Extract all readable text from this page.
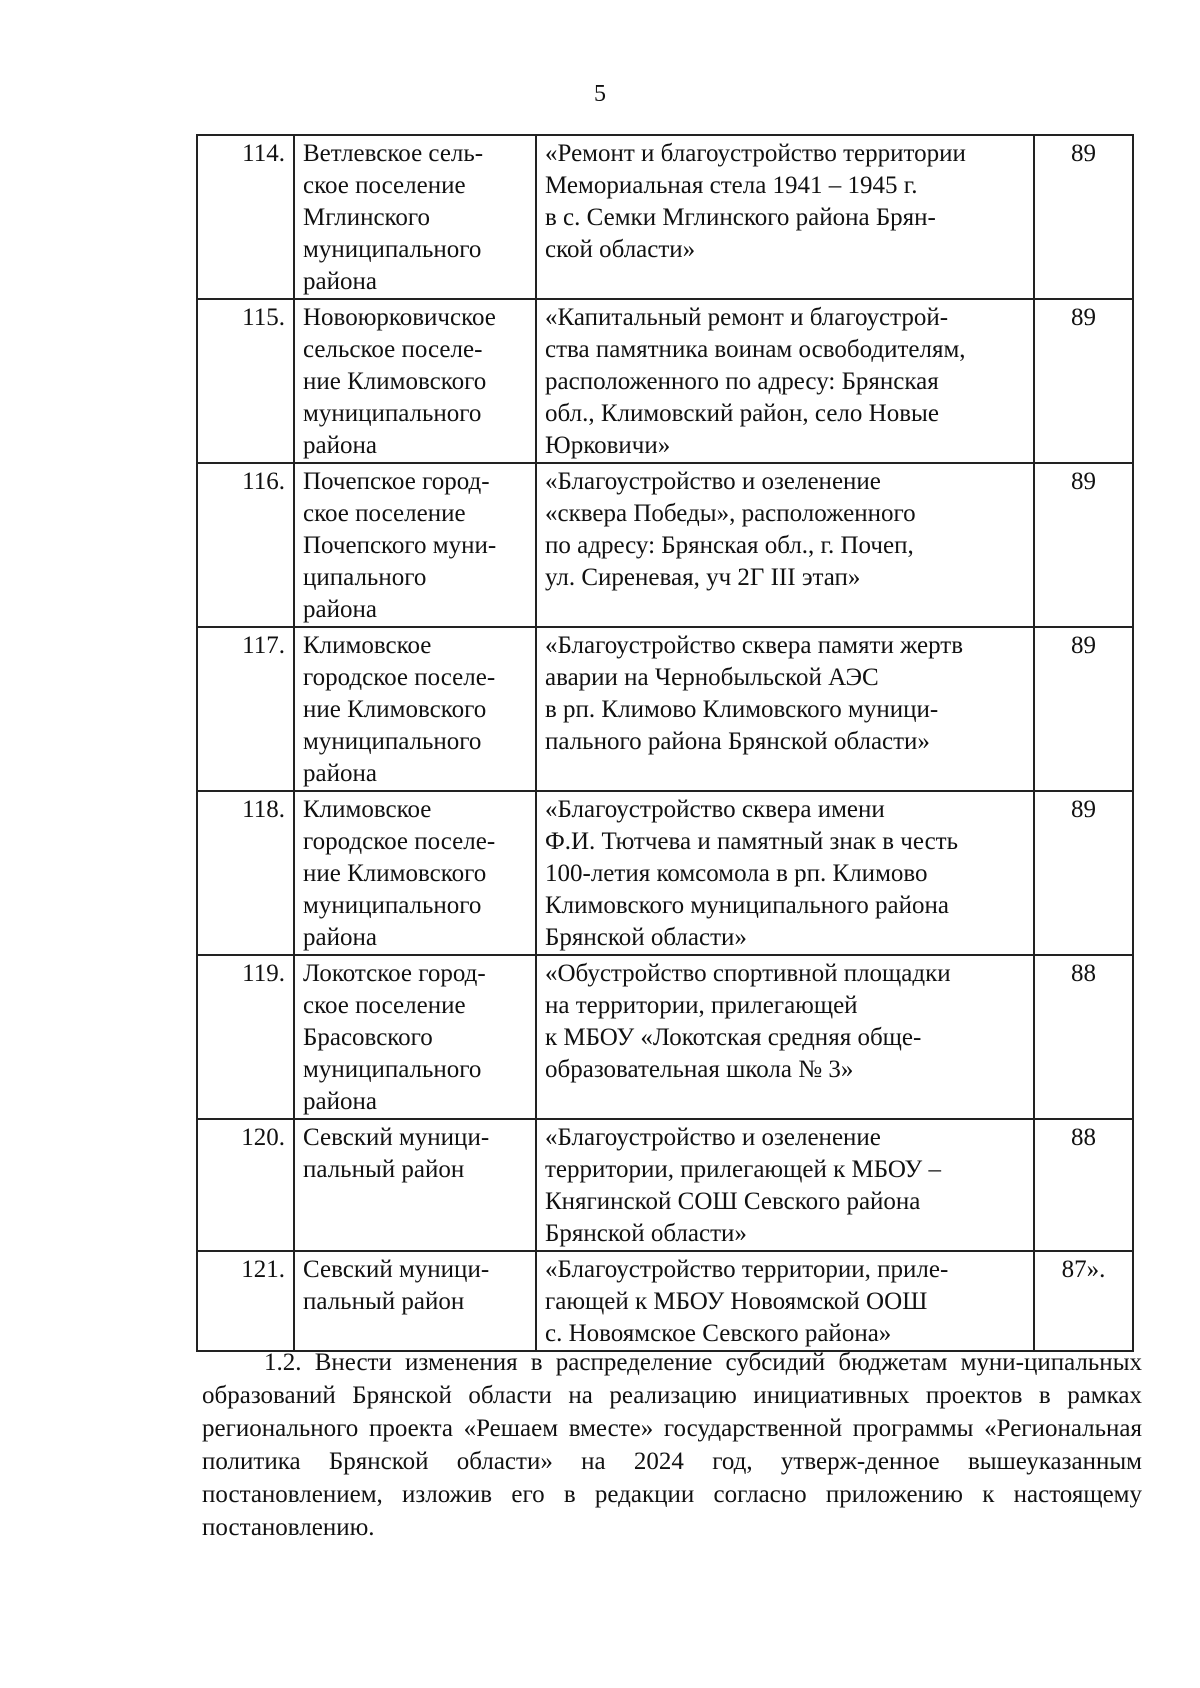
5
114.	Ветлевское сель-
ское поселение
Мглинского
муниципального
района	«Ремонт и благоустройство территории
Мемориальная стела 1941 – 1945 г.
в с. Семки Мглинского района Брян-
ской области»	89
115.	Новоюрковичское
сельское поселе-
ние Климовского
муниципального
района	«Капитальный ремонт и благоустрой-
ства памятника воинам освободителям,
расположенного по адресу: Брянская
обл., Климовский район, село Новые
Юрковичи»	89
116.	Почепское город-
ское поселение
Почепского муни-
ципального
района	«Благоустройство и озеленение
«сквера Победы», расположенного
по адресу: Брянская обл., г. Почеп,
ул. Сиреневая, уч 2Г III этап»	89
117.	Климовское
городское поселе-
ние Климовского
муниципального
района	«Благоустройство сквера памяти жертв
аварии на Чернобыльской АЭС
в рп. Климово Климовского муници-
пального района Брянской области»	89
118.	Климовское
городское поселе-
ние Климовского
муниципального
района	«Благоустройство сквера имени
Ф.И. Тютчева и памятный знак в честь
100-летия комсомола в рп. Климово
Климовского муниципального района
Брянской области»	89
119.	Локотское город-
ское поселение
Брасовского
муниципального
района	«Обустройство спортивной площадки
на территории, прилегающей
к МБОУ «Локотская средняя обще-
образовательная школа № 3»	88
120.	Севский муници-
пальный район	«Благоустройство и озеленение
территории, прилегающей к МБОУ –
Княгинской СОШ Севского района
Брянской области»	88
121.	Севский муници-
пальный район	«Благоустройство территории, приле-
гающей к МБОУ Новоямской ООШ
с. Новоямское Севского района»	87».
1.2. Внести изменения в распределение субсидий бюджетам муни-ципальных образований Брянской области на реализацию инициативных проектов в рамках регионального проекта «Решаем вместе» государственной программы «Региональная политика Брянской области» на 2024 год, утверж-денное вышеуказанным постановлением, изложив его в редакции согласно приложению к настоящему постановлению.
